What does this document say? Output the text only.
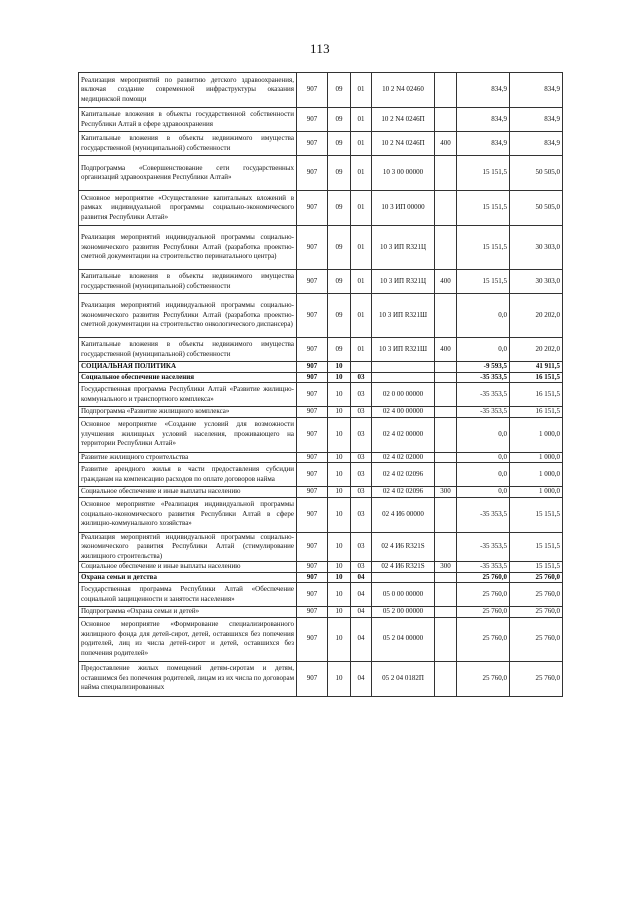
113
Реализация мероприятий по развитию детского здравоохранения, включая создание современной инфраструктуры оказания медицинской помощи	907	09	01	10 2 N4 02460		834,9	834,9
Капитальные вложения в объекты государственной собственности Республики Алтай в сфере здравоохранения	907	09	01	10 2 N4 0246П		834,9	834,9
Капитальные вложения в объекты недвижимого имущества государственной (муниципальной) собственности	907	09	01	10 2 N4 0246П	400	834,9	834,9
Подпрограмма «Совершенствование сети государственных организаций здравоохранения Республики Алтай»	907	09	01	10 3 00 00000		15 151,5	50 505,0
Основное мероприятие «Осуществление капитальных вложений в рамках индивидуальной программы социально-экономического развития Республики Алтай»	907	09	01	10 3 ИП 00000		15 151,5	50 505,0
Реализация мероприятий индивидуальной программы социально-экономического развития Республики Алтай (разработка проектно-сметной документации на строительство перинатального центра)	907	09	01	10 3 ИП R321Ц		15 151,5	30 303,0
Капитальные вложения в объекты недвижимого имущества государственной (муниципальной) собственности	907	09	01	10 3 ИП R321Ц	400	15 151,5	30 303,0
Реализация мероприятий индивидуальной программы социально-экономического развития Республики Алтай (разработка проектно-сметной документации на строительство онкологического диспансера)	907	09	01	10 3 ИП R321Ш		0,0	20 202,0
Капитальные вложения в объекты недвижимого имущества государственной (муниципальной) собственности	907	09	01	10 3 ИП R321Ш	400	0,0	20 202,0
СОЦИАЛЬНАЯ ПОЛИТИКА	907	10				-9 593,5	41 911,5
Социальное обеспечение населения	907	10	03			-35 353,5	16 151,5
Государственная программа Республики Алтай «Развитие жилищно-коммунального и транспортного комплекса»	907	10	03	02 0 00 00000		-35 353,5	16 151,5
Подпрограмма «Развитие жилищного комплекса»	907	10	03	02 4 00 00000		-35 353,5	16 151,5
Основное мероприятие «Создание условий для возможности улучшения жилищных условий населения, проживающего на территории Республики Алтай»	907	10	03	02 4 02 00000		0,0	1 000,0
Развитие жилищного строительства	907	10	03	02 4 02 02000		0,0	1 000,0
Развитие арендного жилья в части предоставления субсидии гражданам на компенсацию расходов по оплате договоров найма	907	10	03	02 4 02 02096		0,0	1 000,0
Социальное обеспечение и иные выплаты населению	907	10	03	02 4 02 02096	300	0,0	1 000,0
Основное мероприятие «Реализация индивидуальной программы социально-экономического развития Республики Алтай в сфере жилищно-коммунального хозяйства»	907	10	03	02 4 И6 00000		-35 353,5	15 151,5
Реализация мероприятий индивидуальной программы социально-экономического развития Республики Алтай (стимулирование жилищного строительства)	907	10	03	02 4 И6 R321S		-35 353,5	15 151,5
Социальное обеспечение и иные выплаты населению	907	10	03	02 4 И6 R321S	300	-35 353,5	15 151,5
Охрана семьи и детства	907	10	04			25 760,0	25 760,0
Государственная программа Республики Алтай «Обеспечение социальной защищенности и занятости населения»	907	10	04	05 0 00 00000		25 760,0	25 760,0
Подпрограмма «Охрана семьи и детей»	907	10	04	05 2 00 00000		25 760,0	25 760,0
Основное мероприятие «Формирование специализированного жилищного фонда для детей-сирот, детей, оставшихся без попечения родителей, лиц из числа детей-сирот и детей, оставшихся без попечения родителей»	907	10	04	05 2 04 00000		25 760,0	25 760,0
Предоставление жилых помещений детям-сиротам и детям, оставшимся без попечения родителей, лицам из их числа по договорам найма специализированных	907	10	04	05 2 04 0182П		25 760,0	25 760,0
